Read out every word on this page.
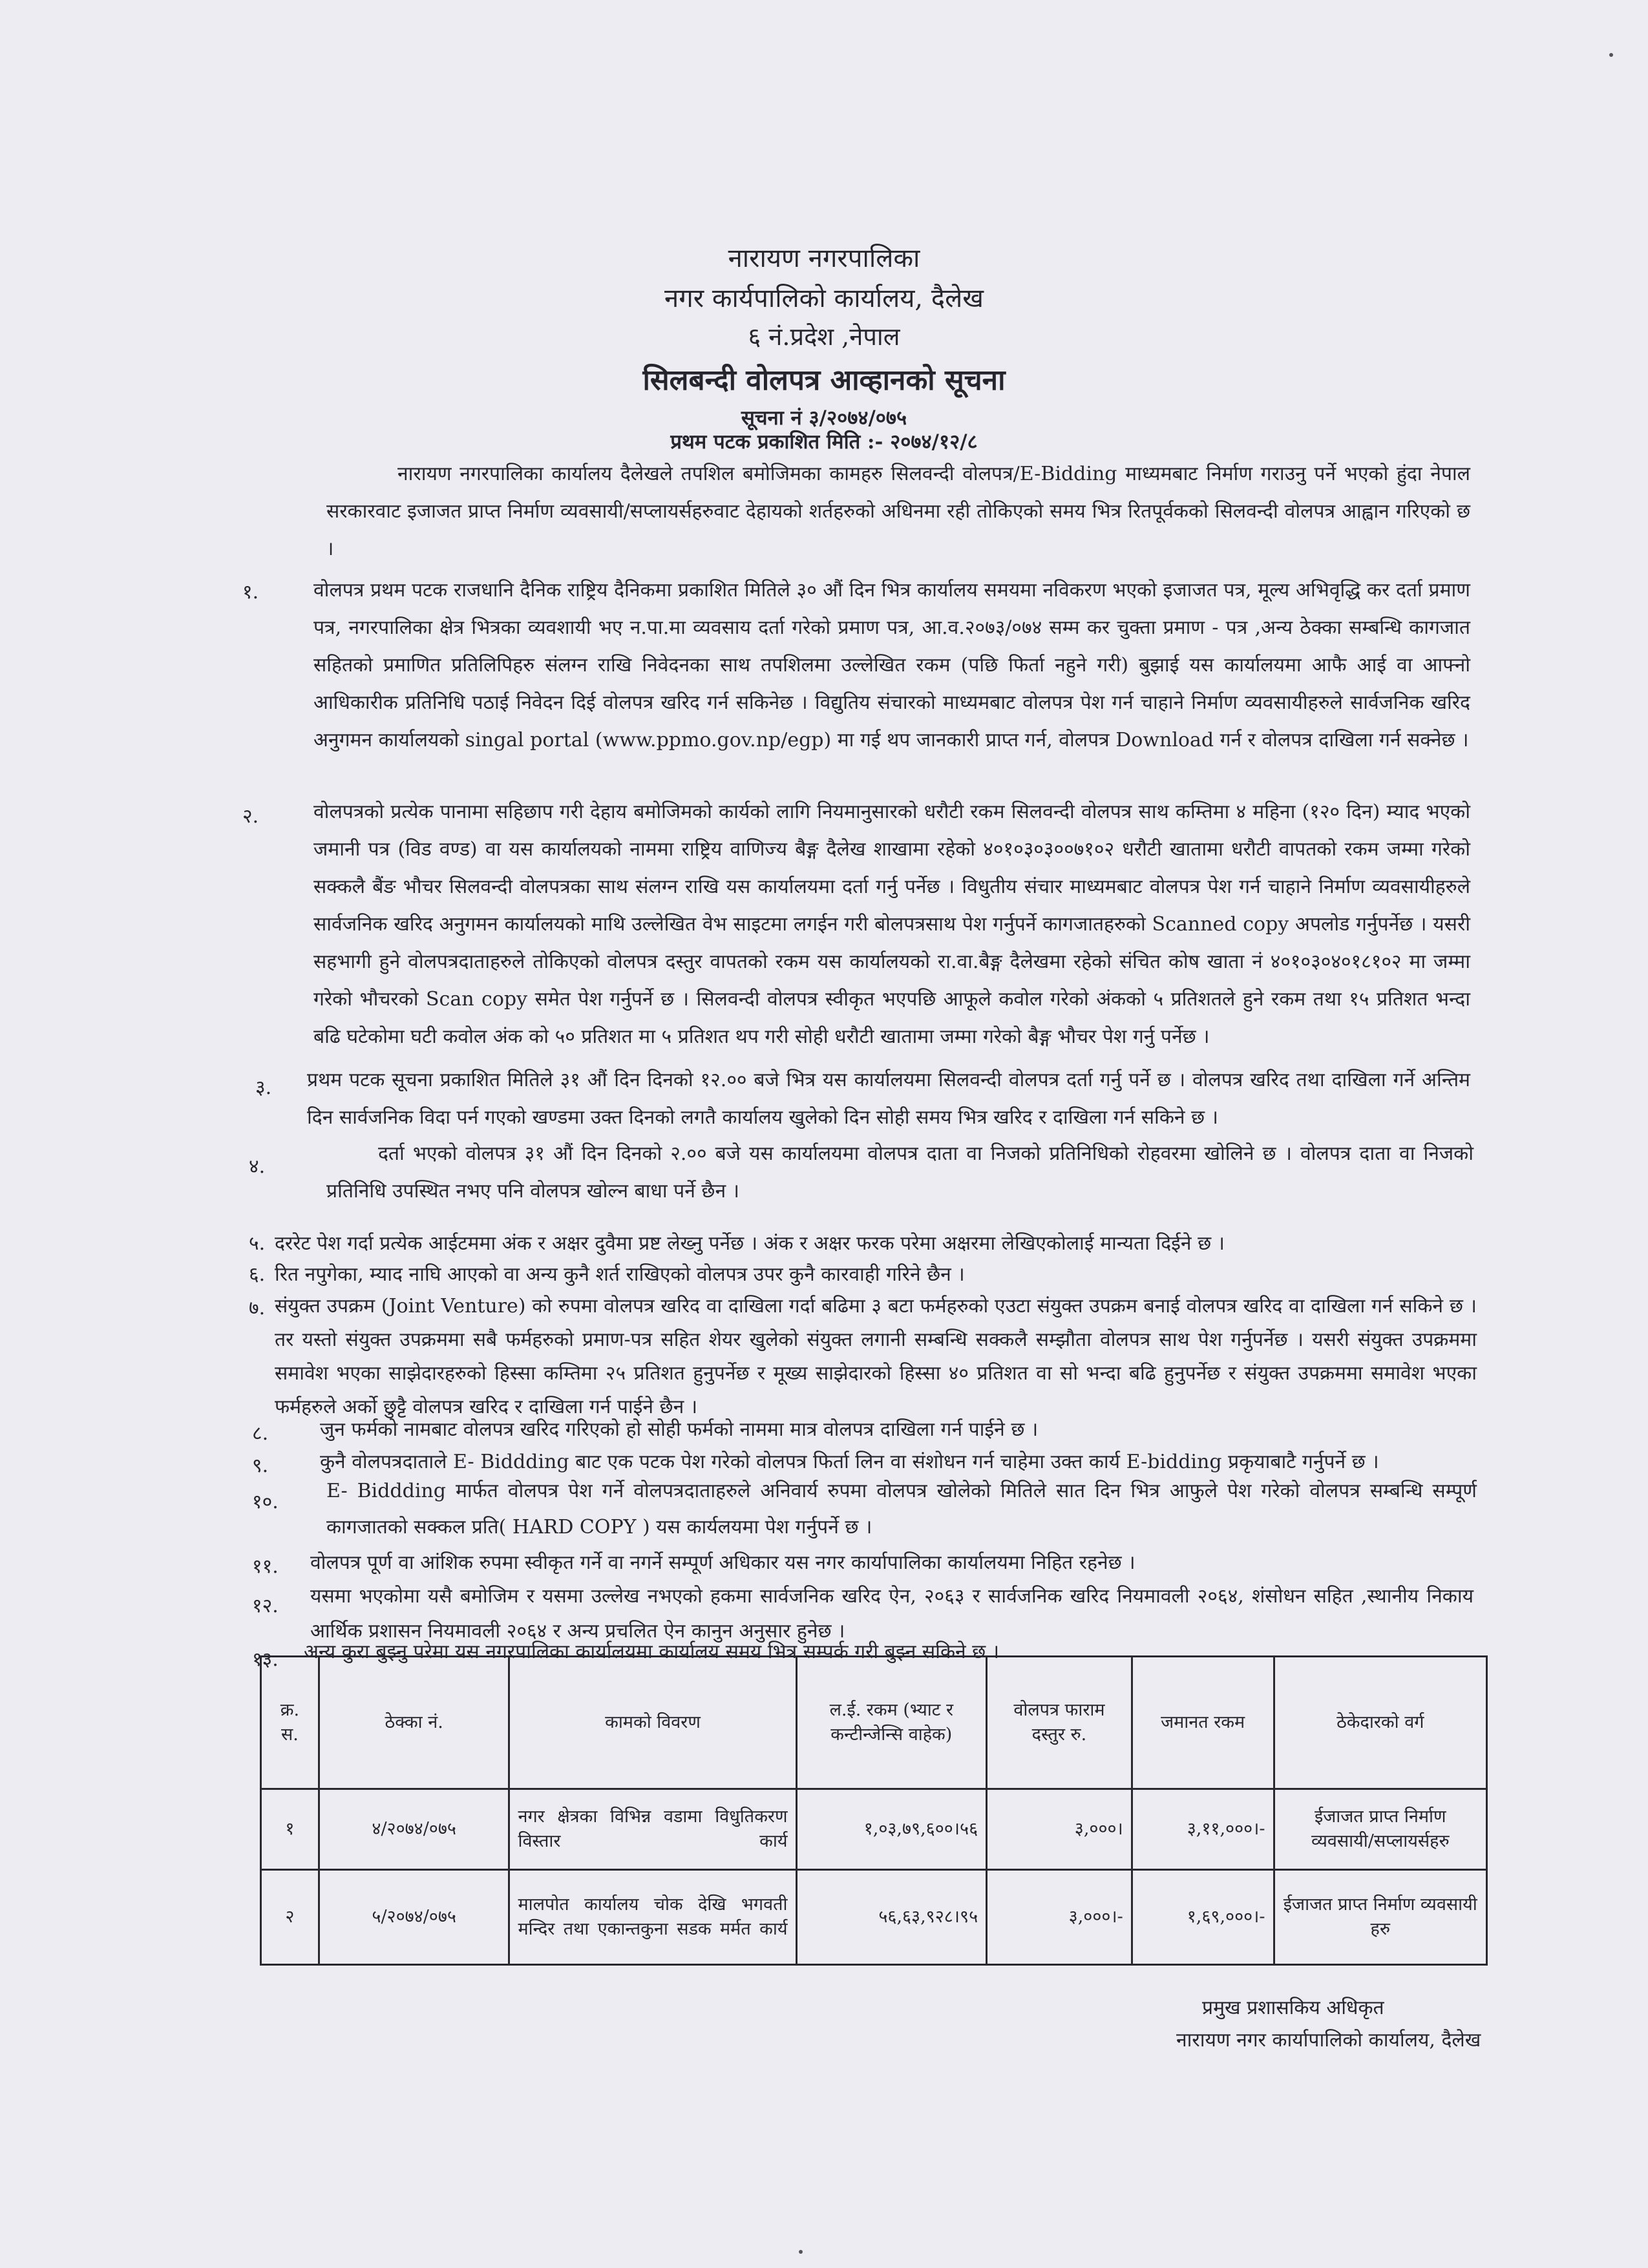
नारायण नगरपालिका
नगर कार्यपालिको कार्यालय, दैलेख
६ नं.प्रदेश ,नेपाल
सिलबन्दी वोलपत्र आव्हानको सूचना
सूचना नं ३/२०७४/०७५
प्रथम पटक प्रकाशित मिति :- २०७४/१२/८
नारायण नगरपालिका कार्यालय दैलेखले तपशिल बमोजिमका कामहरु सिलवन्दी वोलपत्र/E-Bidding माध्यमबाट निर्माण गराउनु पर्ने भएको हुंदा नेपाल सरकारवाट इजाजत प्राप्त निर्माण व्यवसायी/सप्लायर्सहरुवाट देहायको शर्तहरुको अधिनमा रही तोकिएको समय भित्र रितपूर्वकको सिलवन्दी वोलपत्र आह्वान गरिएको छ ।
१.	वोलपत्र प्रथम पटक राजधानि दैनिक राष्ट्रिय दैनिकमा प्रकाशित मितिले ३० औं दिन भित्र कार्यालय समयमा नविकरण भएको इजाजत पत्र, मूल्य अभिवृद्धि कर दर्ता प्रमाण पत्र, नगरपालिका क्षेत्र भित्रका व्यवशायी भए न.पा.मा व्यवसाय दर्ता गरेको प्रमाण पत्र, आ.व.२०७३/०७४ सम्म कर चुक्ता प्रमाण - पत्र ,अन्य ठेक्का सम्बन्धि कागजात सहितको प्रमाणित प्रतिलिपिहरु संलग्न राखि निवेदनका साथ तपशिलमा उल्लेखित रकम (पछि फिर्ता नहुने गरी) बुझाई यस कार्यालयमा आफै आई वा आफ्नो आधिकारीक प्रतिनिधि पठाई निवेदन दिई वोलपत्र खरिद गर्न सकिनेछ । विद्युतिय संचारको माध्यमबाट वोलपत्र पेश गर्न चाहाने निर्माण व्यवसायीहरुले सार्वजनिक खरिद अनुगमन कार्यालयको singal portal (www.ppmo.gov.np/egp) मा गई थप जानकारी प्राप्त गर्न, वोलपत्र Download गर्न र वोलपत्र दाखिला गर्न सक्नेछ ।
२.	वोलपत्रको प्रत्येक पानामा सहिछाप गरी देहाय बमोजिमको कार्यको लागि नियमानुसारको धरौटी रकम सिलवन्दी वोलपत्र साथ कम्तिमा ४ महिना (१२० दिन) म्याद भएको जमानी पत्र (विड वण्ड) वा यस कार्यालयको नाममा राष्ट्रिय वाणिज्य बैङ्ग दैलेख शाखामा रहेको ४०१०३०३००७१०२ धरौटी खातामा धरौटी वापतको रकम जम्मा गरेको सक्कलै बैंङ भौचर सिलवन्दी वोलपत्रका साथ संलग्न राखि यस कार्यालयमा दर्ता गर्नु पर्नेछ । विधुतीय संचार माध्यमबाट वोलपत्र पेश गर्न चाहाने निर्माण व्यवसायीहरुले सार्वजनिक खरिद अनुगमन कार्यालयको माथि उल्लेखित वेभ साइटमा लगईन गरी बोलपत्रसाथ पेश गर्नुपर्ने कागजातहरुको Scanned copy अपलोड गर्नुपर्नेछ । यसरी सहभागी हुने वोलपत्रदाताहरुले तोकिएको वोलपत्र दस्तुर वापतको रकम यस कार्यालयको रा.वा.बैङ्ग दैलेखमा रहेको संचित कोष खाता नं ४०१०३०४०१८१०२ मा जम्मा गरेको भौचरको Scan copy समेत पेश गर्नुपर्ने छ । सिलवन्दी वोलपत्र स्वीकृत भएपछि आफूले कवोल गरेको अंकको ५ प्रतिशतले हुने रकम तथा १५ प्रतिशत भन्दा बढि घटेकोमा घटी कवोल अंक को ५० प्रतिशत मा ५ प्रतिशत थप गरी सोही धरौटी खातामा जम्मा गरेको बैङ्ग भौचर पेश गर्नु पर्नेछ ।
३. प्रथम पटक सूचना प्रकाशित मितिले ३१ औं दिन दिनको १२.०० बजे भित्र यस कार्यालयमा सिलवन्दी वोलपत्र दर्ता गर्नु पर्ने छ । वोलपत्र खरिद तथा दाखिला गर्ने अन्तिम दिन सार्वजनिक विदा पर्न गएको खण्डमा उक्त दिनको लगतै कार्यालय खुलेको दिन सोही समय भित्र खरिद र दाखिला गर्न सकिने छ ।
४.
दर्ता भएको वोलपत्र ३१ औं दिन दिनको २.०० बजे यस कार्यालयमा वोलपत्र दाता वा निजको प्रतिनिधिको रोहवरमा खोलिने छ । वोलपत्र दाता वा निजको प्रतिनिधि उपस्थित नभए पनि वोलपत्र खोल्न बाधा पर्ने छैन ।
५. दररेट पेश गर्दा प्रत्येक आईटममा अंक र अक्षर दुवैमा प्रष्ट लेख्नु पर्नेछ । अंक र अक्षर फरक परेमा अक्षरमा लेखिएकोलाई मान्यता दिईने छ ।
६. रित नपुगेका, म्याद नाघि आएको वा अन्य कुनै शर्त राखिएको वोलपत्र उपर कुनै कारवाही गरिने छैन ।
७. संयुक्त उपक्रम (Joint Venture) को रुपमा वोलपत्र खरिद वा दाखिला गर्दा बढिमा ३ बटा फर्महरुको एउटा संयुक्त उपक्रम बनाई वोलपत्र खरिद वा दाखिला गर्न सकिने छ । तर यस्तो संयुक्त उपक्रममा सबै फर्महरुको प्रमाण-पत्र सहित शेयर खुलेको संयुक्त लगानी सम्बन्धि सक्कलै सम्झौता वोलपत्र साथ पेश गर्नुपर्नेछ । यसरी संयुक्त उपक्रममा समावेश भएका साझेदारहरुको हिस्सा कम्तिमा २५ प्रतिशत हुनुपर्नेछ र मूख्य साझेदारको हिस्सा ४० प्रतिशत वा सो भन्दा बढि हुनुपर्नेछ र संयुक्त उपक्रममा समावेश भएका फर्महरुले अर्को छुट्टै वोलपत्र खरिद र दाखिला गर्न पाईने छैन ।
८.	जुन फर्मको नामबाट वोलपत्र खरिद गरिएको हो सोही फर्मको नाममा मात्र वोलपत्र दाखिला गर्न पाईने छ ।
९.	कुनै वोलपत्रदाताले E- Biddding बाट एक पटक पेश गरेको वोलपत्र फिर्ता लिन वा संशोधन गर्न चाहेमा उक्त कार्य E-bidding प्रकृयाबाटै गर्नुपर्ने छ ।
१०. E- Biddding मार्फत वोलपत्र पेश गर्ने वोलपत्रदाताहरुले अनिवार्य रुपमा वोलपत्र खोलेको मितिले सात दिन भित्र आफुले पेश गरेको वोलपत्र सम्बन्धि सम्पूर्ण कागजातको सक्कल प्रति( HARD COPY ) यस कार्यलयमा पेश गर्नुपर्ने छ ।
११. वोलपत्र पूर्ण वा आंशिक रुपमा स्वीकृत गर्ने वा नगर्ने सम्पूर्ण अधिकार यस नगर कार्यापालिका कार्यालयमा निहित रहनेछ ।
१२. यसमा भएकोमा यसै बमोजिम र यसमा उल्लेख नभएको हकमा सार्वजनिक खरिद ऐन, २०६३ र सार्वजनिक खरिद नियमावली २०६४, शंसोधन सहित ,स्थानीय निकाय आर्थिक प्रशासन नियमावली २०६४ र अन्य प्रचलित ऐन कानुन अनुसार हुनेछ ।
१३. अन्य कुरा बुझ्नु परेमा यस नगरपालिका कार्यालयमा कार्यालय समय भित्र सम्पर्क गरी बुझ्न सकिने छ ।
क्र. स.	ठेक्का नं.	कामको विवरण	ल.ई. रकम (भ्याट र कन्टीन्जेन्सि वाहेक)	वोलपत्र फाराम दस्तुर रु.	जमानत रकम	ठेकेदारको वर्ग
१	४/२०७४/०७५	नगर क्षेत्रका विभिन्न वडामा विधुतिकरण विस्तार कार्य	१,०३,७९,६००।५६	३,०००।	३,११,०००।-	ईजाजत प्राप्त निर्माण व्यवसायी/सप्लायर्सहरु
२	५/२०७४/०७५	मालपोत कार्यालय चोक देखि भगवती मन्दिर तथा एकान्तकुना सडक मर्मत कार्य	५६,६३,९२८।९५	३,०००।-	१,६९,०००।-	ईजाजत प्राप्त निर्माण व्यवसायी हरु
प्रमुख प्रशासकिय अधिकृत
नारायण नगर कार्यापालिको कार्यालय, दैलेख
